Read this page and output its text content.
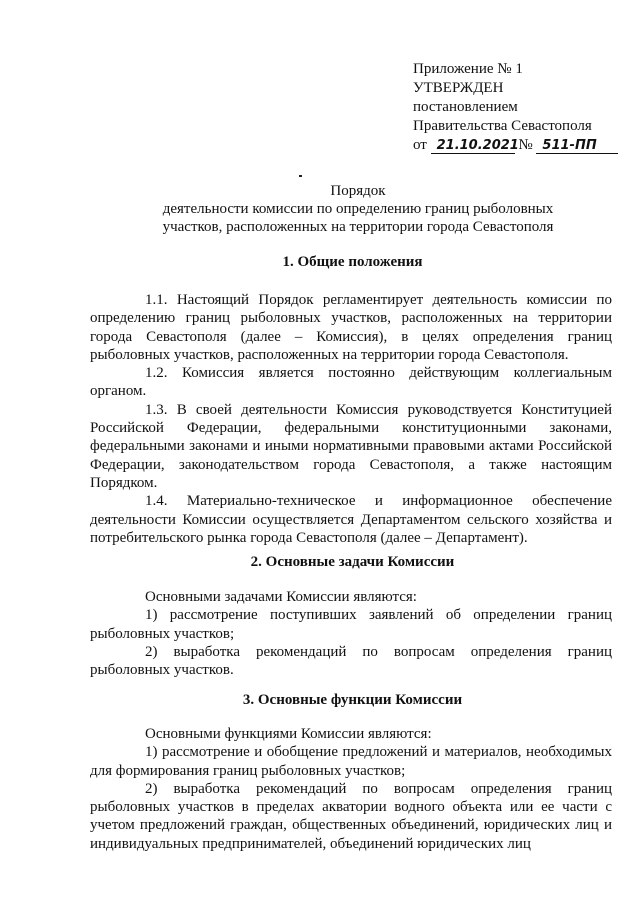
Приложение № 1
УТВЕРЖДЕН
постановлением
Правительства Севастополя
от 21.10.2021 № 511-ПП
Порядок
деятельности комиссии по определению границ рыболовных
участков, расположенных на территории города Севастополя
1. Общие положения

1.1. Настоящий Порядок регламентирует деятельность комиссии по определению границ рыболовных участков, расположенных на территории города Севастополя (далее – Комиссия), в целях определения границ рыболовных участков, расположенных на территории города Севастополя.

1.2. Комиссия является постоянно действующим коллегиальным органом.

1.3. В своей деятельности Комиссия руководствуется Конституцией Российской Федерации, федеральными конституционными законами, федеральными законами и иными нормативными правовыми актами Российской Федерации, законодательством города Севастополя, а также настоящим Порядком.

1.4. Материально-техническое и информационное обеспечение деятельности Комиссии осуществляется Департаментом сельского хозяйства и потребительского рынка города Севастополя (далее – Департамент).

2. Основные задачи Комиссии

Основными задачами Комиссии являются:

1) рассмотрение поступивших заявлений об определении границ рыболовных участков;

2) выработка рекомендаций по вопросам определения границ рыболовных участков.

3. Основные функции Комиссии

Основными функциями Комиссии являются:

1) рассмотрение и обобщение предложений и материалов, необходимых для формирования границ рыболовных участков;

2) выработка рекомендаций по вопросам определения границ рыболовных участков в пределах акватории водного объекта или ее части с учетом предложений граждан, общественных объединений, юридических лиц и индивидуальных предпринимателей, объединений юридических лиц
